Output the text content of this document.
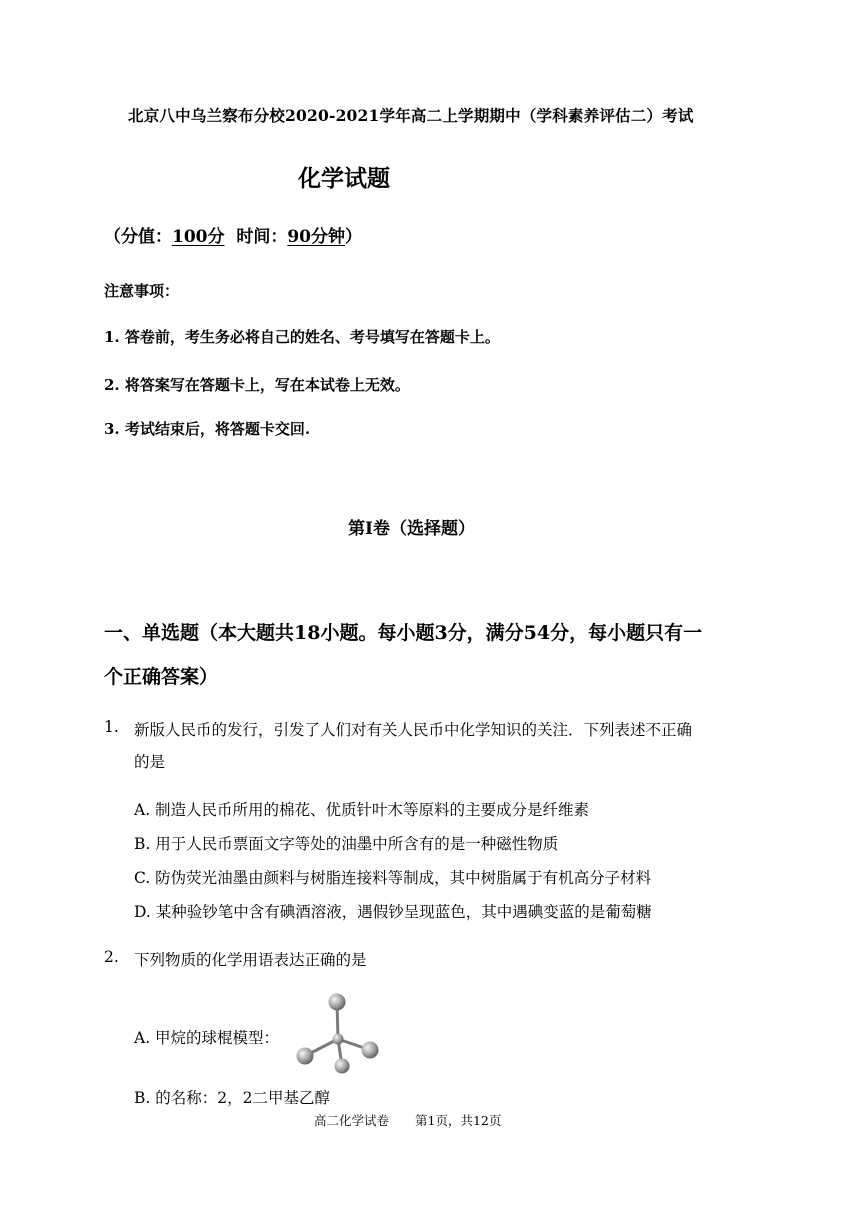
北京八中乌兰察布分校2020-2021学年高二上学期期中（学科素养评估二）考试
化学试题
（分值：100分 时间：90分钟）
注意事项：
1. 答卷前，考生务必将自己的姓名、考号填写在答题卡上。
2. 将答案写在答题卡上，写在本试卷上无效。
3. 考试结束后，将答题卡交回.
第Ⅰ卷（选择题）
一、单选题（本大题共18小题。每小题3分，满分54分，每小题只有一
个正确答案）
1. 新版人民币的发行，引发了人们对有关人民币中化学知识的关注．下列表述不正确
的是
A. 制造人民币所用的棉花、优质针叶木等原料的主要成分是纤维素
B. 用于人民币票面文字等处的油墨中所含有的是一种磁性物质
C. 防伪荧光油墨由颜料与树脂连接料等制成，其中树脂属于有机高分子材料
D. 某种验钞笔中含有碘酒溶液，遇假钞呈现蓝色，其中遇碘变蓝的是葡萄糖
2. 下列物质的化学用语表达正确的是
A. 甲烷的球棍模型：
B. 的名称：2，2二甲基乙醇
高二化学试卷 第1页，共12页
